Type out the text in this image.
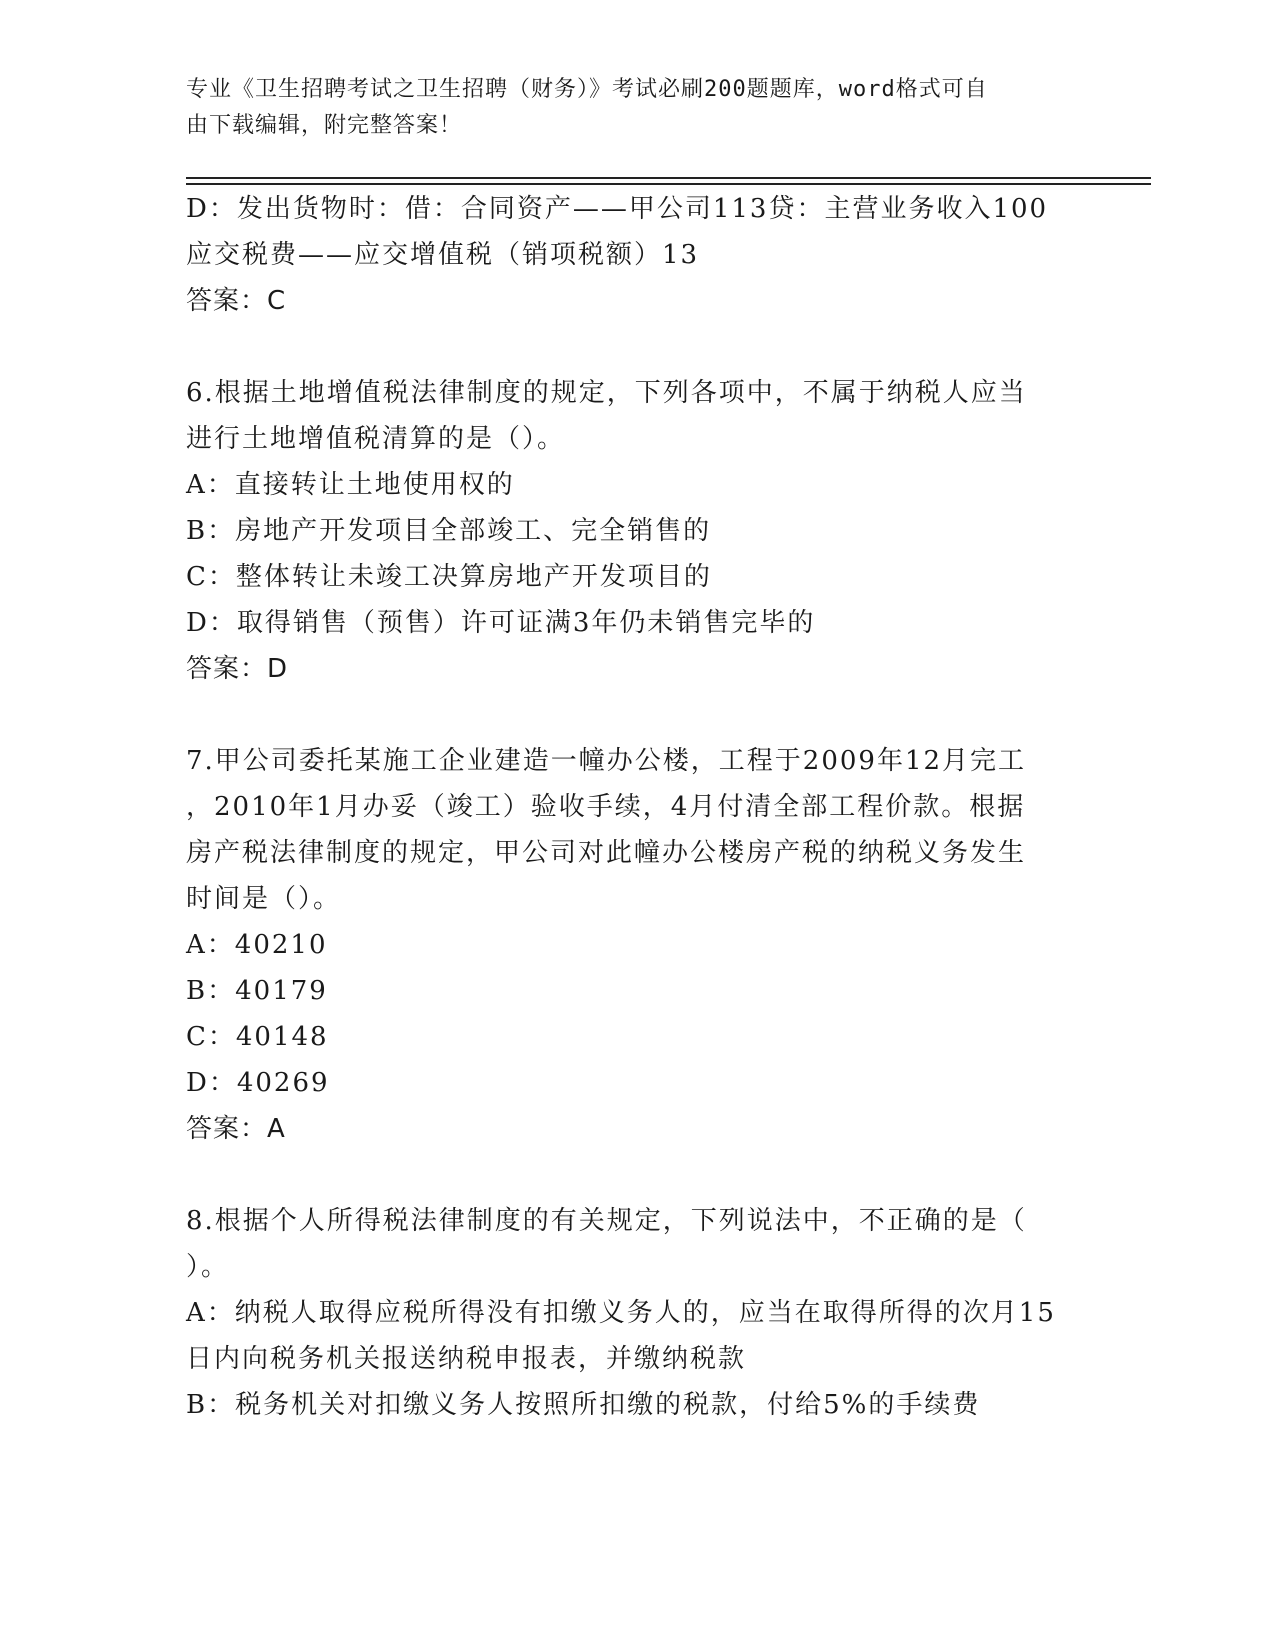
专业《卫生招聘考试之卫生招聘（财务）》考试必刷200题题库，word格式可自
由下载编辑，附完整答案！
D：发出货物时：借：合同资产——甲公司113贷：主营业务收入100
应交税费——应交增值税（销项税额）13
答案：C
6.根据土地增值税法律制度的规定，下列各项中，不属于纳税人应当
进行土地增值税清算的是（）。
A：直接转让土地使用权的
B：房地产开发项目全部竣工、完全销售的
C：整体转让未竣工决算房地产开发项目的
D：取得销售（预售）许可证满3年仍未销售完毕的
答案：D
7.甲公司委托某施工企业建造一幢办公楼，工程于2009年12月完工
，2010年1月办妥（竣工）验收手续，4月付清全部工程价款。根据
房产税法律制度的规定，甲公司对此幢办公楼房产税的纳税义务发生
时间是（）。
A：40210
B：40179
C：40148
D：40269
答案：A
8.根据个人所得税法律制度的有关规定，下列说法中，不正确的是（
）。
A：纳税人取得应税所得没有扣缴义务人的，应当在取得所得的次月15
日内向税务机关报送纳税申报表，并缴纳税款
B：税务机关对扣缴义务人按照所扣缴的税款，付给5%的手续费
